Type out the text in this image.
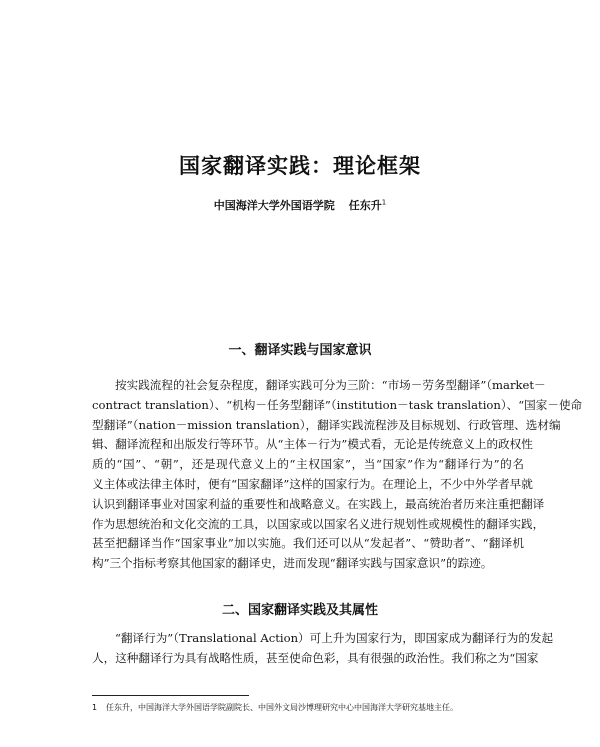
国家翻译实践：理论框架
中国海洋大学外国语学院 任东升$^1$
一、翻译实践与国家意识
按实践流程的社会复杂程度，翻译实践可分为三阶：“市场－劳务型翻译”（market－
contract translation）、“机构－任务型翻译”（institution－task translation）、“国家－使命
型翻译”（nation－mission translation），翻译实践流程涉及目标规划、行政管理、选材编
辑、翻译流程和出版发行等环节。从“主体－行为”模式看，无论是传统意义上的政权性
质的“国”、“朝”，还是现代意义上的“主权国家”，当“国家”作为“翻译行为”的名
义主体或法律主体时，便有“国家翻译”这样的国家行为。在理论上，不少中外学者早就
认识到翻译事业对国家利益的重要性和战略意义。在实践上，最高统治者历来注重把翻译
作为思想统治和文化交流的工具，以国家或以国家名义进行规划性或规模性的翻译实践，
甚至把翻译当作“国家事业”加以实施。我们还可以从“发起者”、“赞助者”、“翻译机
构”三个指标考察其他国家的翻译史，进而发现“翻译实践与国家意识”的踪迹。
二、国家翻译实践及其属性
“翻译行为”（Translational Action）可上升为国家行为，即国家成为翻译行为的发起
人，这种翻译行为具有战略性质，甚至使命色彩，具有很强的政治性。我们称之为“国家
1 任东升，中国海洋大学外国语学院副院长、中国外文局沙博理研究中心中国海洋大学研究基地主任。
